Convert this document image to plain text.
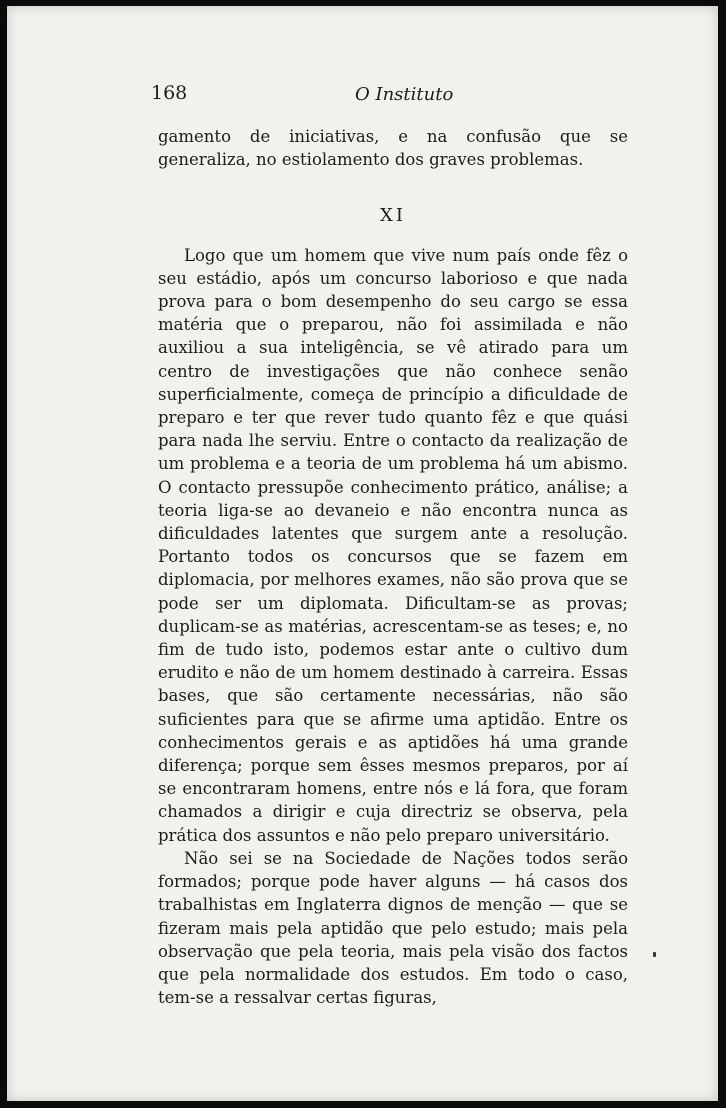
168	O Instituto

gamento de iniciativas, e na confusão que se generaliza, no estiolamento dos graves problemas.

XI

Logo que um homem que vive num país onde fêz o seu estádio, após um concurso laborioso e que nada prova para o bom desempenho do seu cargo se essa matéria que o preparou, não foi assimilada e não auxiliou a sua inteligência, se vê atirado para um centro de investigações que não conhece senão superficialmente, começa de princípio a dificuldade de preparo e ter que rever tudo quanto fêz e que quási para nada lhe serviu. Entre o contacto da realização de um problema e a teoria de um problema há um abismo. O contacto pressupõe conhecimento prático, análise; a teoria liga-se ao devaneio e não encontra nunca as dificuldades latentes que surgem ante a resolução. Portanto todos os concursos que se fazem em diplomacia, por melhores exames, não são prova que se pode ser um diplomata. Dificultam-se as provas; duplicam-se as matérias, acrescentam-se as teses; e, no fim de tudo isto, podemos estar ante o cultivo dum erudito e não de um homem destinado à carreira. Essas bases, que são certamente necessárias, não são suficientes para que se afirme uma aptidão. Entre os conhecimentos gerais e as aptidões há uma grande diferença; porque sem êsses mesmos preparos, por aí se encontraram homens, entre nós e lá fora, que foram chamados a dirigir e cuja directriz se observa, pela prática dos assuntos e não pelo preparo universitário.

Não sei se na Sociedade de Nações todos serão formados; porque pode haver alguns — há casos dos trabalhistas em Inglaterra dignos de menção — que se fizeram mais pela aptidão que pelo estudo; mais pela observação que pela teoria, mais pela visão dos factos que pela normalidade dos estudos. Em todo o caso, tem-se a ressalvar certas figuras,
